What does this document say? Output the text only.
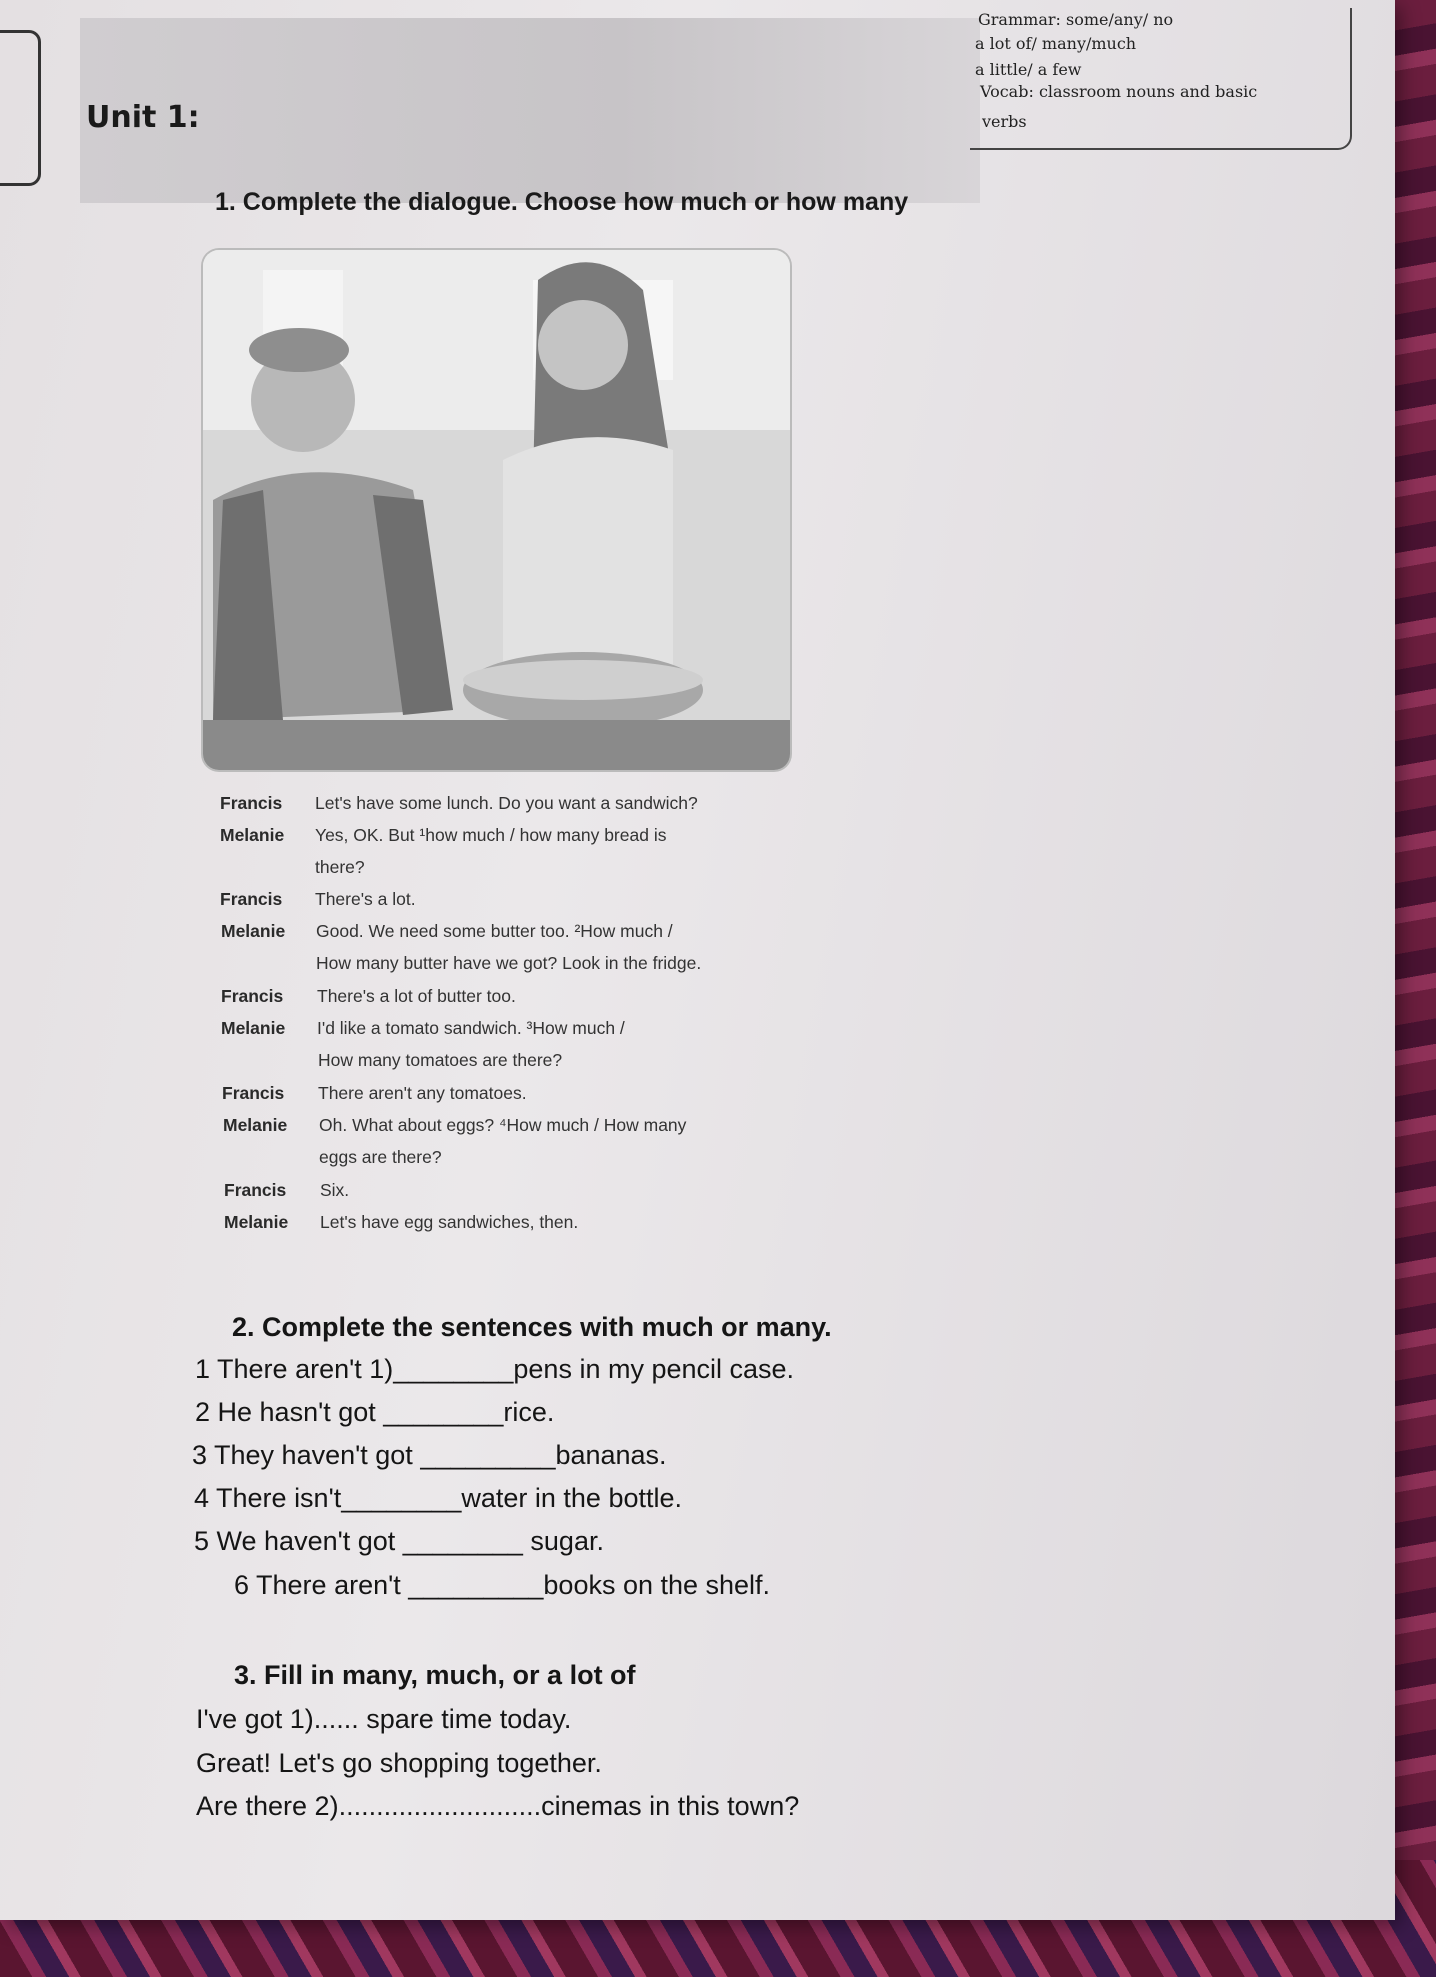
Unit 1:
Grammar: some/any/ no
a lot of/ many/much
a little/ a few
Vocab: classroom nouns and basic
verbs
1. Complete the dialogue. Choose how much or how many
Francis Let's have some lunch. Do you want a sandwich?
Melanie Yes, OK. But ¹how much / how many bread is
there?
Francis There's a lot.
Melanie Good. We need some butter too. ²How much /
How many butter have we got? Look in the fridge.
Francis There's a lot of butter too.
Melanie I'd like a tomato sandwich. ³How much /
How many tomatoes are there?
Francis There aren't any tomatoes.
Melanie Oh. What about eggs? ⁴How much / How many
eggs are there?
Francis Six.
Melanie Let's have egg sandwiches, then.
2. Complete the sentences with much or many.
1 There aren't 1)________pens in my pencil case.
2 He hasn't got ________rice.
3 They haven't got _________bananas.
4 There isn't________water in the bottle.
5 We haven't got ________ sugar.
6 There aren't _________books on the shelf.
3. Fill in many, much, or a lot of
I've got 1)...... spare time today.
Great! Let's go shopping together.
Are there 2)...........................cinemas in this town?
